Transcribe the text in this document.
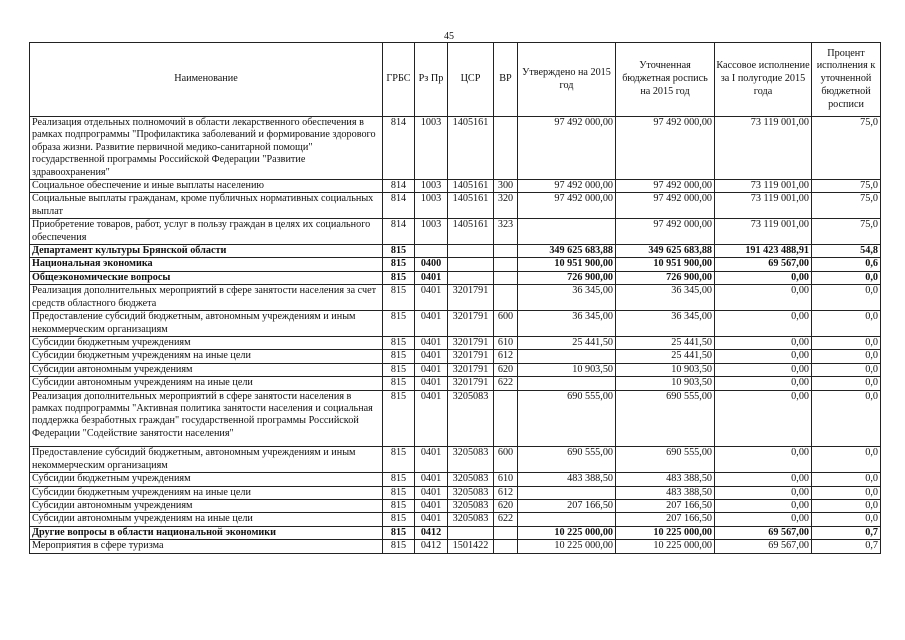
45
Наименование	ГРБС	Рз Пр	ЦСР	ВР	Утверждено на 2015 год	Уточненная бюджетная роспись на 2015 год	Кассовое исполнение за I полугодие 2015 года	Процент исполнения к уточненной бюджетной росписи
Реализация отдельных полномочий в области лекарственного обеспечения в рамках подпрограммы "Профилактика заболеваний и формирование здорового образа жизни. Развитие первичной медико-санитарной помощи" государственной программы Российской Федерации "Развитие здравоохранения"	814	1003	1405161		97 492 000,00	97 492 000,00	73 119 001,00	75,0
Социальное обеспечение и иные выплаты населению	814	1003	1405161	300	97 492 000,00	97 492 000,00	73 119 001,00	75,0
Социальные выплаты гражданам, кроме публичных нормативных социальных выплат	814	1003	1405161	320	97 492 000,00	97 492 000,00	73 119 001,00	75,0
Приобретение товаров, работ, услуг в пользу граждан в целях их социального обеспечения	814	1003	1405161	323		97 492 000,00	73 119 001,00	75,0
Департамент культуры Брянской области	815				349 625 683,88	349 625 683,88	191 423 488,91	54,8
Национальная экономика	815	0400			10 951 900,00	10 951 900,00	69 567,00	0,6
Общеэкономические вопросы	815	0401			726 900,00	726 900,00	0,00	0,0
Реализация дополнительных мероприятий в сфере занятости населения за счет средств областного бюджета	815	0401	3201791		36 345,00	36 345,00	0,00	0,0
Предоставление субсидий бюджетным, автономным учреждениям и иным некоммерческим организациям	815	0401	3201791	600	36 345,00	36 345,00	0,00	0,0
Субсидии бюджетным учреждениям	815	0401	3201791	610	25 441,50	25 441,50	0,00	0,0
Субсидии бюджетным учреждениям на иные цели	815	0401	3201791	612		25 441,50	0,00	0,0
Субсидии автономным учреждениям	815	0401	3201791	620	10 903,50	10 903,50	0,00	0,0
Субсидии автономным учреждениям на иные цели	815	0401	3201791	622		10 903,50	0,00	0,0
Реализация дополнительных мероприятий в сфере занятости населения в рамках подпрограммы "Активная политика занятости населения и социальная поддержка безработных граждан" государственной программы Российской Федерации "Содействие занятости населения"	815	0401	3205083		690 555,00	690 555,00	0,00	0,0
Предоставление субсидий бюджетным, автономным учреждениям и иным некоммерческим организациям	815	0401	3205083	600	690 555,00	690 555,00	0,00	0,0
Субсидии бюджетным учреждениям	815	0401	3205083	610	483 388,50	483 388,50	0,00	0,0
Субсидии бюджетным учреждениям на иные цели	815	0401	3205083	612		483 388,50	0,00	0,0
Субсидии автономным учреждениям	815	0401	3205083	620	207 166,50	207 166,50	0,00	0,0
Субсидии автономным учреждениям на иные цели	815	0401	3205083	622		207 166,50	0,00	0,0
Другие вопросы в области национальной экономики	815	0412			10 225 000,00	10 225 000,00	69 567,00	0,7
Мероприятия в сфере туризма	815	0412	1501422		10 225 000,00	10 225 000,00	69 567,00	0,7
